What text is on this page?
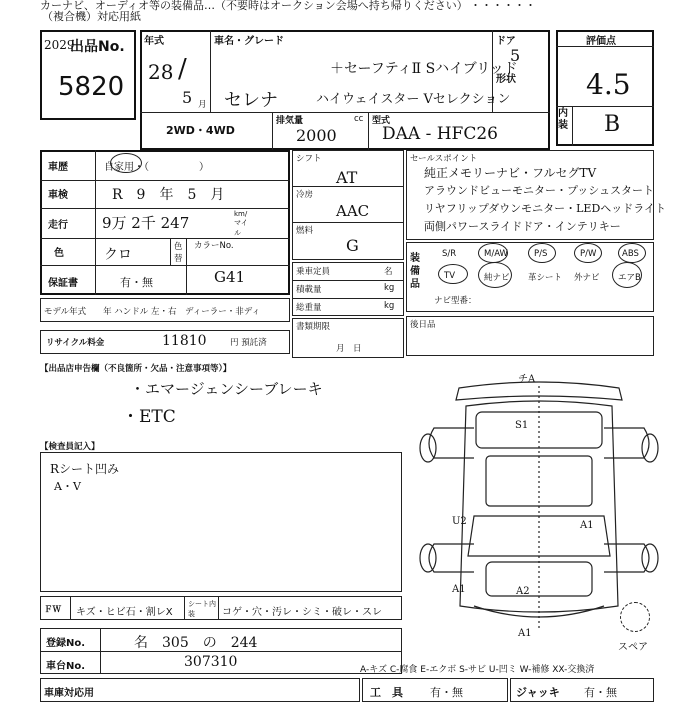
カーナビ、オーディオ等の装備品…（不要時はオークション会場へ持ち帰りください） ・・・・・・
（複合機）対応用紙
出品No.
2029
5820
年式
28 /
5 月
車名・グレード
＋セーフティⅡ Sハイブリッド
セレナ	ハイウェイスター Vセレクション
ドア
5
形状
2WD・4WD
排気量
2000
cc 型式
DAA - HFC26
評価点
4.5
内装 B
車歴	自家用・（　　　　　）
車検	R　9　年　5　月
走行 9万 2千 247	km/マイル
色	クロ	色替
カラーNo.
G41
保証書	有・無
シフト
AT
冷房
AAC
燃料
G
乗車定員	名
積載量	kg
総重量	kg
書類期限
月　日
セールスポイント
純正メモリーナビ・フルセグTV
アラウンドビューモニター・プッシュスタート
リヤフリップダウンモニター・LEDヘッドライト
両側パワースライドドア・インテリキー
装備品
S/R	M/AW	P/S	P/W	ABS
TV	純ナビ 革シート 外ナビ エアB
ナビ型番：
モデル年式　　年 ハンドル 左・右　ディーラー・非ディ
リサイクル料金	11810	円 預託済
後日品
【出品店申告欄（不良箇所・欠品・注意事項等）】
・エマージェンシーブレーキ
・ETC
【検査員記入】
Rシート凹み
A・V
チA
S1
U2	A1
A1	A2
A1
スペア
ＦＷ キズ・ヒビ石・割レX
シート内装	コゲ・穴・汚レ・シミ・破レ・スレ
登録No.	名　305　の　244
車台No.	307310	A-キズ C-腐食 E-エクボ S-サビ U-凹ミ W-補修 XX-交換済
車庫対応用	工　具 有・無	ジャッキ 有・無
